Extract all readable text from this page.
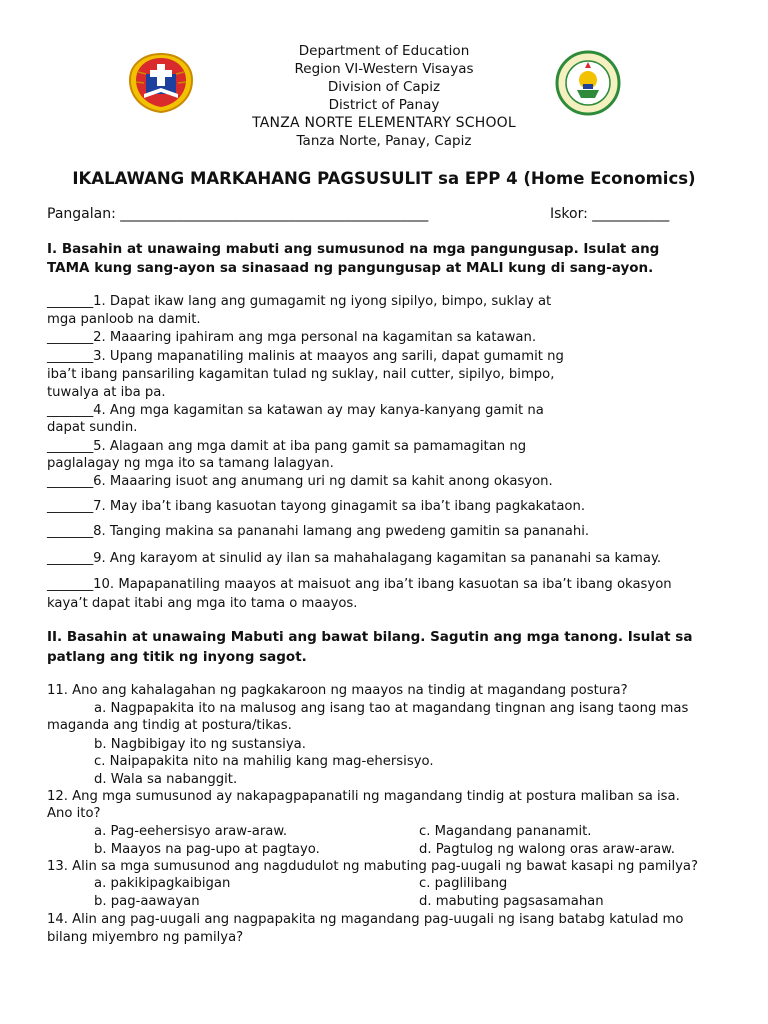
Department of Education
Region VI-Western Visayas
Division of Capiz
District of Panay
TANZA NORTE ELEMENTARY SCHOOL
Tanza Norte, Panay, Capiz
IKALAWANG MARKAHANG PAGSUSULIT sa EPP 4 (Home Economics)
Pangalan: ____________________________________________	Iskor: ___________
I. Basahin at unawaing mabuti ang sumusunod na mga pangungusap. Isulat ang
TAMA kung sang-ayon sa sinasaad ng pangungusap at MALI kung di sang-ayon.
_______1. Dapat ikaw lang ang gumagamit ng iyong sipilyo, bimpo, suklay at
mga panloob na damit.
_______2. Maaaring ipahiram ang mga personal na kagamitan sa katawan.
_______3. Upang mapanatiling malinis at maayos ang sarili, dapat gumamit ng
iba’t ibang pansariling kagamitan tulad ng suklay, nail cutter, sipilyo, bimpo,
tuwalya at iba pa.
_______4. Ang mga kagamitan sa katawan ay may kanya-kanyang gamit na
dapat sundin.
_______5. Alagaan ang mga damit at iba pang gamit sa pamamagitan ng
paglalagay ng mga ito sa tamang lalagyan.
_______6. Maaaring isuot ang anumang uri ng damit sa kahit anong okasyon.
_______7. May iba’t ibang kasuotan tayong ginagamit sa iba’t ibang pagkakataon.
_______8. Tanging makina sa pananahi lamang ang pwedeng gamitin sa pananahi.
_______9. Ang karayom at sinulid ay ilan sa mahahalagang kagamitan sa pananahi sa kamay.
_______10. Mapapanatiling maayos at maisuot ang iba’t ibang kasuotan sa iba’t ibang okasyon
kaya’t dapat itabi ang mga ito tama o maayos.
II. Basahin at unawaing Mabuti ang bawat bilang. Sagutin ang mga tanong. Isulat sa
patlang ang titik ng inyong sagot.
11. Ano ang kahalagahan ng pagkakaroon ng maayos na tindig at magandang postura?
a. Nagpapakita ito na malusog ang isang tao at magandang tingnan ang isang taong mas
maganda ang tindig at postura/tikas.
b. Nagbibigay ito ng sustansiya.
c. Naipapakita nito na mahilig kang mag-ehersisyo.
d. Wala sa nabanggit.
12. Ang mga sumusunod ay nakapagpapanatili ng magandang tindig at postura maliban sa isa.
Ano ito?
a. Pag-eehersisyo araw-araw.	c. Magandang pananamit.
b. Maayos na pag-upo at pagtayo.	d. Pagtulog ng walong oras araw-araw.
13. Alin sa mga sumusunod ang nagdudulot ng mabuting pag-uugali ng bawat kasapi ng pamilya?
a. pakikipagkaibigan	c. paglilibang
b. pag-aawayan	d. mabuting pagsasamahan
14. Alin ang pag-uugali ang nagpapakita ng magandang pag-uugali ng isang batabg katulad mo
bilang miyembro ng pamilya?
